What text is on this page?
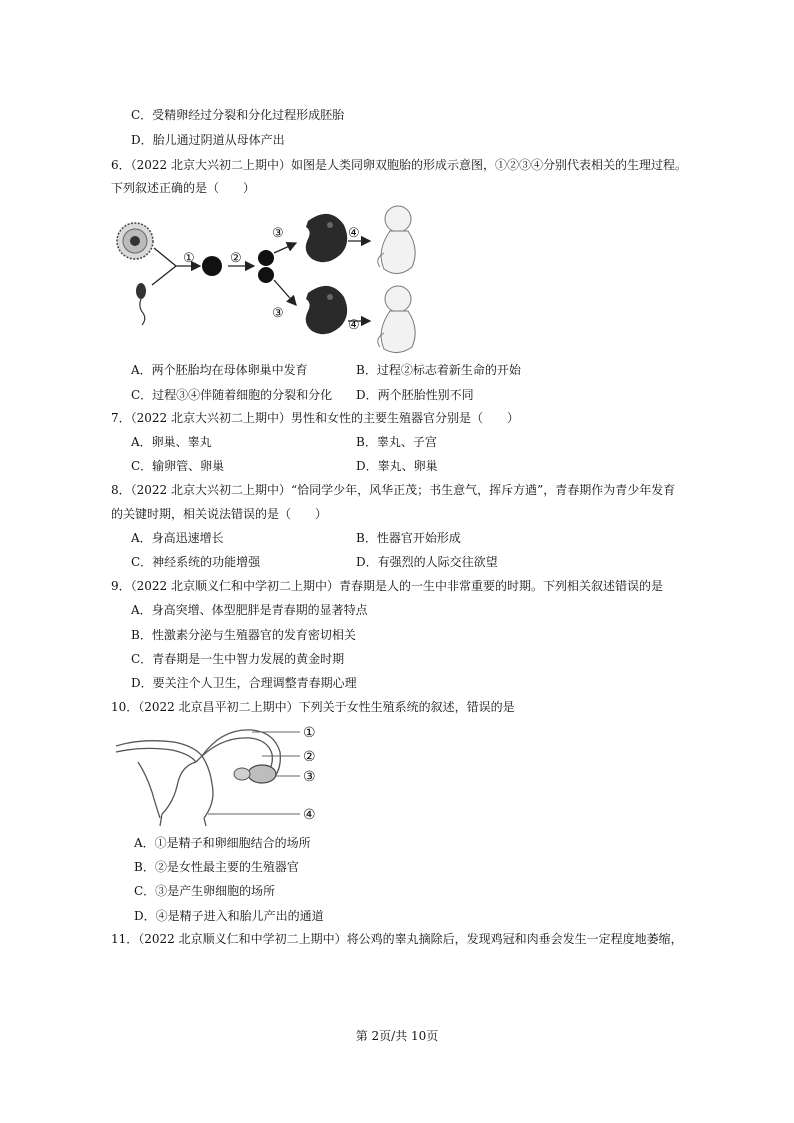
C．受精卵经过分裂和分化过程形成胚胎
D．胎儿通过阴道从母体产出
6．（2022 北京大兴初二上期中）如图是人类同卵双胞胎的形成示意图，①②③④分别代表相关的生理过程。
下列叙述正确的是（　　）
①	②
③
③
④
④
A．两个胚胎均在母体卵巢中发育	B．过程②标志着新生命的开始
C．过程③④伴随着细胞的分裂和分化 D．两个胚胎性别不同
7．（2022 北京大兴初二上期中）男性和女性的主要生殖器官分别是（　　）
A．卵巢、睾丸	B．睾丸、子宫
C．输卵管、卵巢	D．睾丸、卵巢
8．（2022 北京大兴初二上期中）“恰同学少年，风华正茂；书生意气，挥斥方遒”，青春期作为青少年发育
的关键时期，相关说法错误的是（　　）
A．身高迅速增长	B．性器官开始形成
C．神经系统的功能增强	D．有强烈的人际交往欲望
9．（2022 北京顺义仁和中学初二上期中）青春期是人的一生中非常重要的时期。下列相关叙述错误的是
A．身高突增、体型肥胖是青春期的显著特点
B．性激素分泌与生殖器官的发育密切相关
C．青春期是一生中智力发展的黄金时期
D．要关注个人卫生，合理调整青春期心理
10．（2022 北京昌平初二上期中）下列关于女性生殖系统的叙述，错误的是
①
②
③
④
A．①是精子和卵细胞结合的场所
B．②是女性最主要的生殖器官
C．③是产生卵细胞的场所
D．④是精子进入和胎儿产出的通道
11．（2022 北京顺义仁和中学初二上期中）将公鸡的睾丸摘除后，发现鸡冠和肉垂会发生一定程度地萎缩，
第 2页/共 10页
